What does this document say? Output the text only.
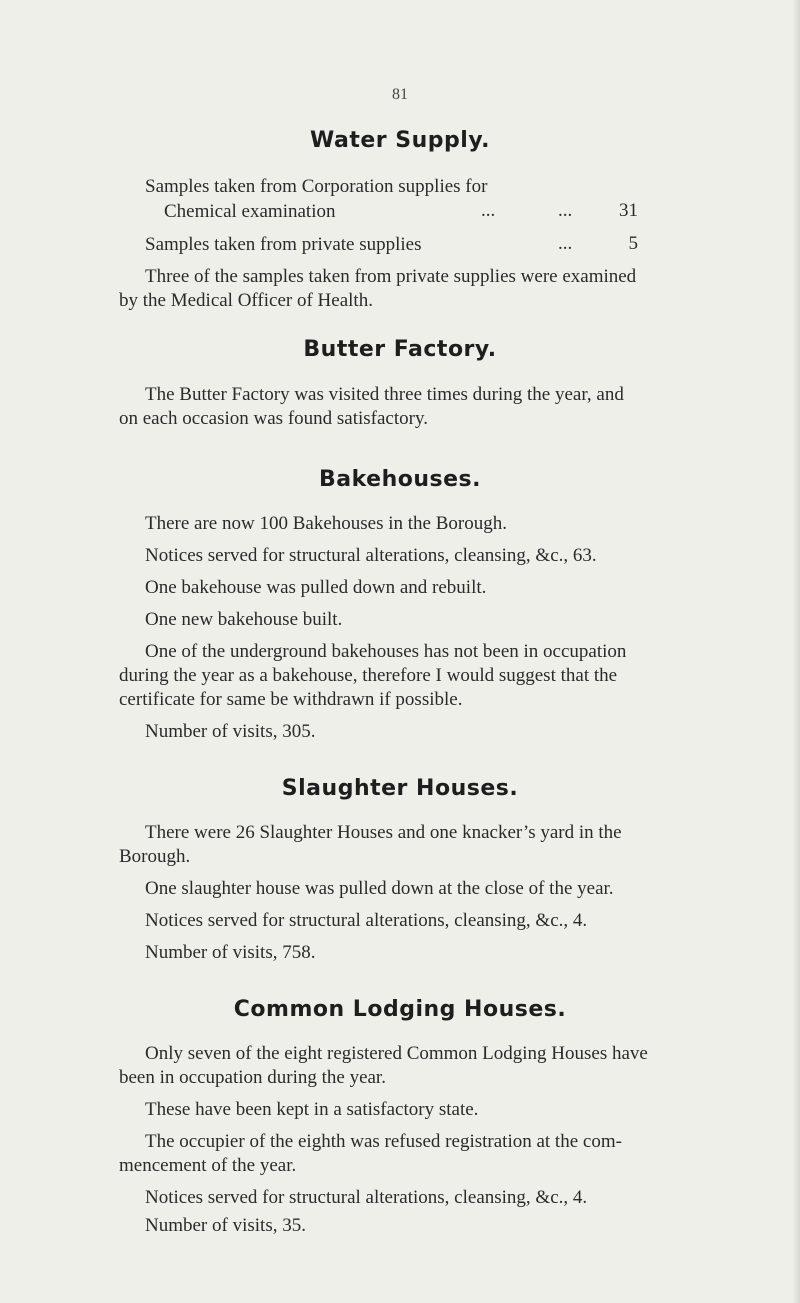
81
Water Supply.
Samples taken from Corporation supplies for
Chemical examination	...	...	31
Samples taken from private supplies	...	5
Three of the samples taken from private supplies were examined
by the Medical Officer of Health.
Butter Factory.
The Butter Factory was visited three times during the year, and
on each occasion was found satisfactory.
Bakehouses.
There are now 100 Bakehouses in the Borough.
Notices served for structural alterations, cleansing, &c., 63.
One bakehouse was pulled down and rebuilt.
One new bakehouse built.
One of the underground bakehouses has not been in occupation
during the year as a bakehouse, therefore I would suggest that the
certificate for same be withdrawn if possible.
Number of visits, 305.
Slaughter Houses.
There were 26 Slaughter Houses and one knacker’s yard in the
Borough.
One slaughter house was pulled down at the close of the year.
Notices served for structural alterations, cleansing, &c., 4.
Number of visits, 758.
Common Lodging Houses.
Only seven of the eight registered Common Lodging Houses have
been in occupation during the year.
These have been kept in a satisfactory state.
The occupier of the eighth was refused registration at the com-
mencement of the year.
Notices served for structural alterations, cleansing, &c., 4.
Number of visits, 35.
